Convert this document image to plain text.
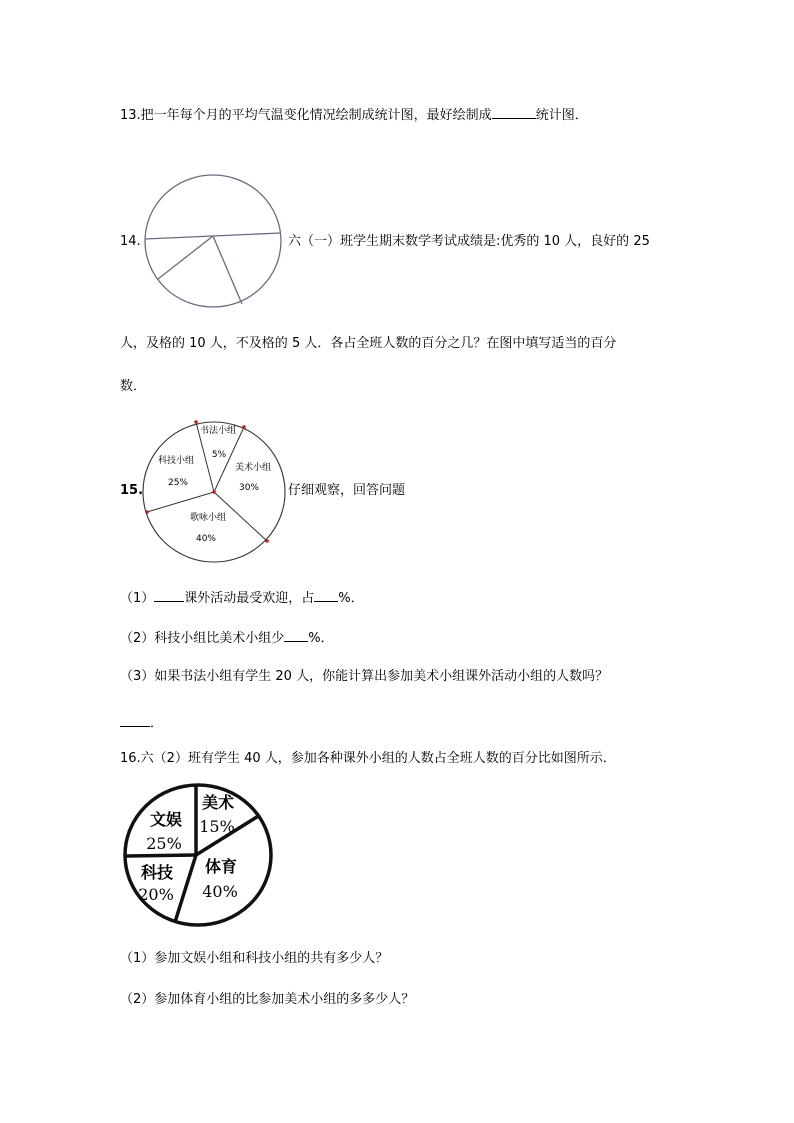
13.把一年每个月的平均气温变化情况绘制成统计图，最好绘制成	统计图．
14.	六（一）班学生期末数学考试成绩是:优秀的 10 人，良好的 25
人，及格的 10 人，不及格的 5 人．各占全班人数的百分之几？在图中填写适当的百分
数．
书法小组
5%
美术小组
30%
歌咏小组
40%
科技小组
25%
15.	仔细观察，回答问题
（1） 课外活动最受欢迎，占 %．
（2）科技小组比美术小组少 %．
（3）如果书法小组有学生 20 人，你能计算出参加美术小组课外活动小组的人数吗？
．
16.六（2）班有学生 40 人，参加各种课外小组的人数占全班人数的百分比如图所示．
文娱
25%
美术
15%
体育
40%
科技
20%
（1）参加文娱小组和科技小组的共有多少人？
（2）参加体育小组的比参加美术小组的多多少人？
